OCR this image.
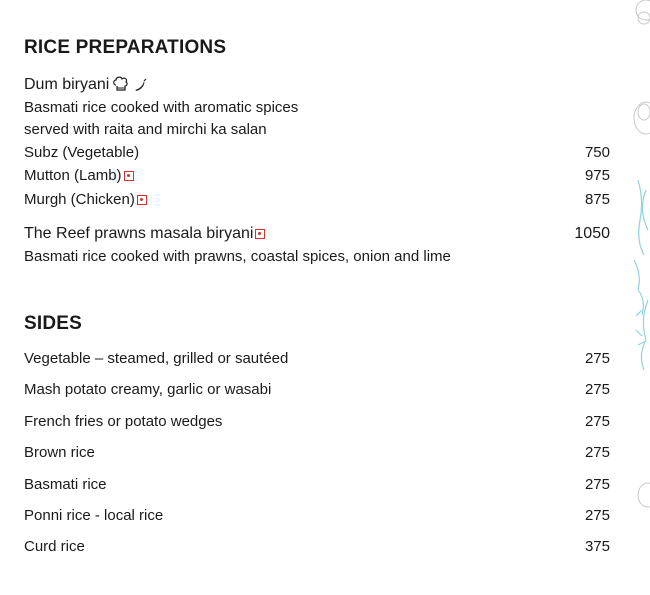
RICE PREPARATIONS
Dum biryani
Basmati rice cooked with aromatic spices
served with raita and mirchi ka salan
Subz (Vegetable)	750
Mutton (Lamb)	975
Murgh (Chicken)	875
The Reef prawns masala biryani	1050
Basmati rice cooked with prawns, coastal spices, onion and lime
SIDES
Vegetable – steamed, grilled or sautéed	275
Mash potato creamy, garlic or wasabi	275
French fries or potato wedges	275
Brown rice	275
Basmati rice	275
Ponni rice - local rice	275
Curd rice	375
